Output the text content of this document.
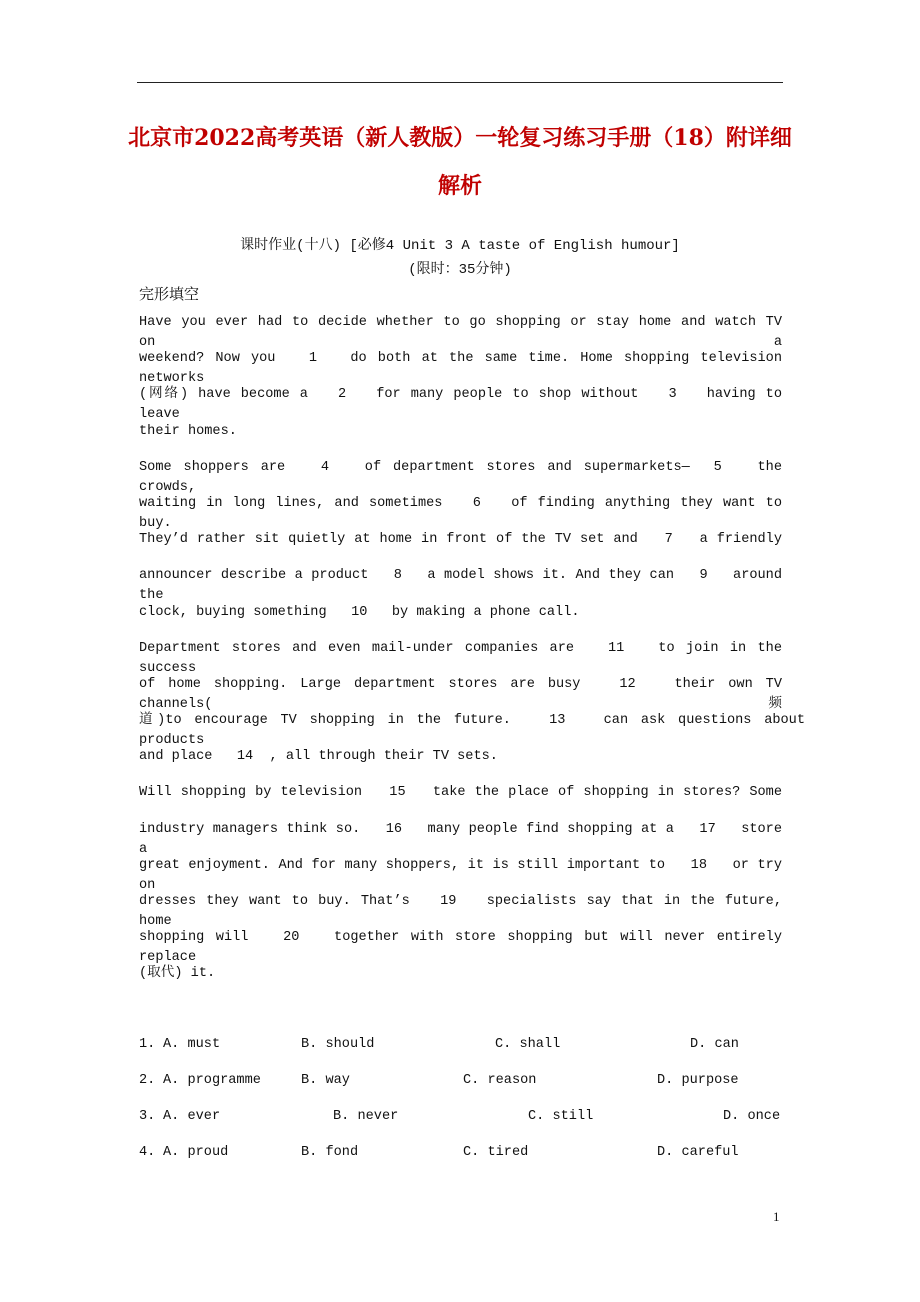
北京市2022高考英语（新人教版）一轮复习练习手册（18）附详细
解析
课时作业(十八) [必修4 Unit 3 A taste of English humour]
(限时：35分钟)
完形填空
Have you ever had to decide whether to go shopping or stay home and watch TV on a
weekend? Now you   1   do both at the same time. Home shopping television networks
(网络) have become a   2   for many people to shop without   3   having to leave
their homes.
Some shoppers are   4   of department stores and supermarkets—  5   the crowds,
waiting in long lines, and sometimes   6   of finding anything they want to buy.
They’d rather sit quietly at home in front of the TV set and   7   a friendly
announcer describe a product   8   a model shows it. And they can   9   around the
clock, buying something   10   by making a phone call.
Department stores and even mail-under companies are   11   to join in the success
of home shopping. Large department stores are busy   12   their own TV channels(频
道)to encourage TV shopping in the future.   13   can ask questions about products
and place   14  , all through their TV sets.
Will shopping by television   15   take the place of shopping in stores? Some
industry managers think so.   16   many people find shopping at a   17   store a
great enjoyment. And for many shoppers, it is still important to   18   or try on
dresses they want to buy. That’s   19   specialists say that in the future, home
shopping will   20   together with store shopping but will never entirely replace
(取代) it.
1. A. must	B. should	C. shall	D. can
2. A. programme	B. way	C. reason	D. purpose
3. A. ever	B. never	C. still	D. once
4. A. proud	B. fond	C. tired	D. careful
1
